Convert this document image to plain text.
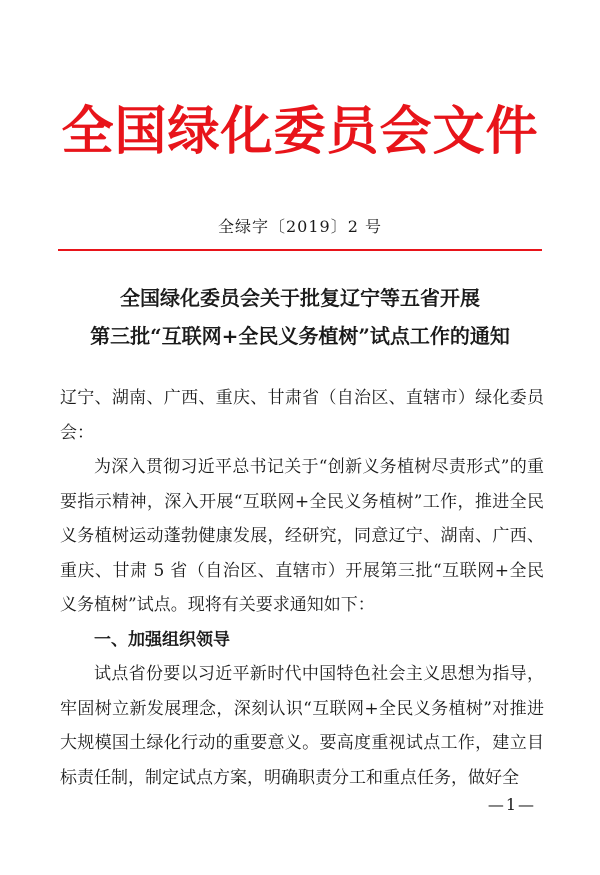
全国绿化委员会文件
全绿字〔2019〕2 号
全国绿化委员会关于批复辽宁等五省开展
第三批“互联网+全民义务植树”试点工作的通知

辽宁、湖南、广西、重庆、甘肃省（自治区、直辖市）绿化委员会：

为深入贯彻习近平总书记关于“创新义务植树尽责形式”的重要指示精神，深入开展“互联网+全民义务植树”工作，推进全民义务植树运动蓬勃健康发展，经研究，同意辽宁、湖南、广西、重庆、甘肃 5 省（自治区、直辖市）开展第三批“互联网+全民义务植树”试点。现将有关要求通知如下：

一、加强组织领导

试点省份要以习近平新时代中国特色社会主义思想为指导，牢固树立新发展理念，深刻认识“互联网+全民义务植树”对推进大规模国土绿化行动的重要意义。要高度重视试点工作，建立目标责任制，制定试点方案，明确职责分工和重点任务，做好全

—1—
